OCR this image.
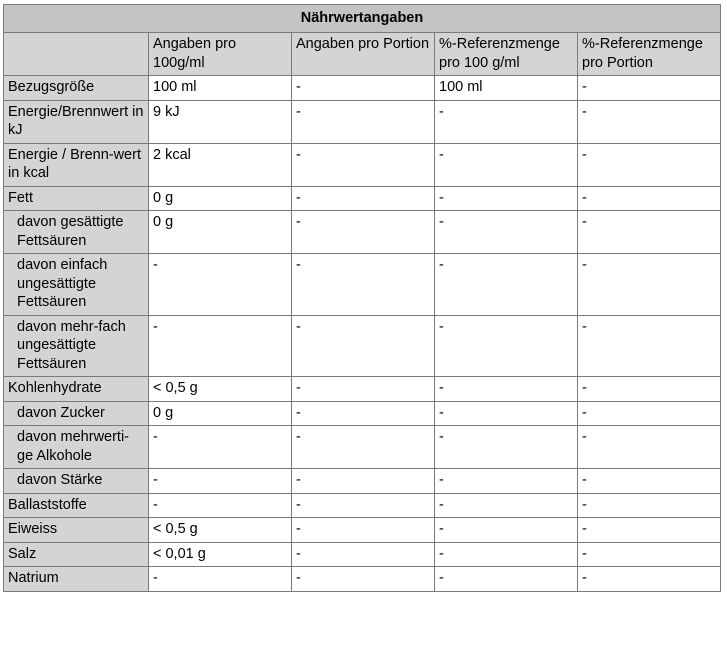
Nährwertangaben				
	Angaben pro 100g/ml	Angaben pro Portion	%-Referenzmenge pro 100 g/ml	%-Referenzmenge pro Portion
Bezugsgröße	100 ml	-	100 ml	-
Energie/Brennwert in kJ	9 kJ	-	-	-
Energie / Brenn-wert in kcal	2 kcal	-	-	-
Fett	0 g	-	-	-
davon gesättigte Fettsäuren	0 g	-	-	-
davon einfach ungesättigte Fettsäuren	-	-	-	-
davon mehr-fach ungesättigte Fettsäuren	-	-	-	-
Kohlenhydrate	< 0,5 g	-	-	-
davon Zucker	0 g	-	-	-
davon mehrwerti-ge Alkohole	-	-	-	-
davon Stärke	-	-	-	-
Ballaststoffe	-	-	-	-
Eiweiss	< 0,5 g	-	-	-
Salz	< 0,01 g	-	-	-
Natrium	-	-	-	-
